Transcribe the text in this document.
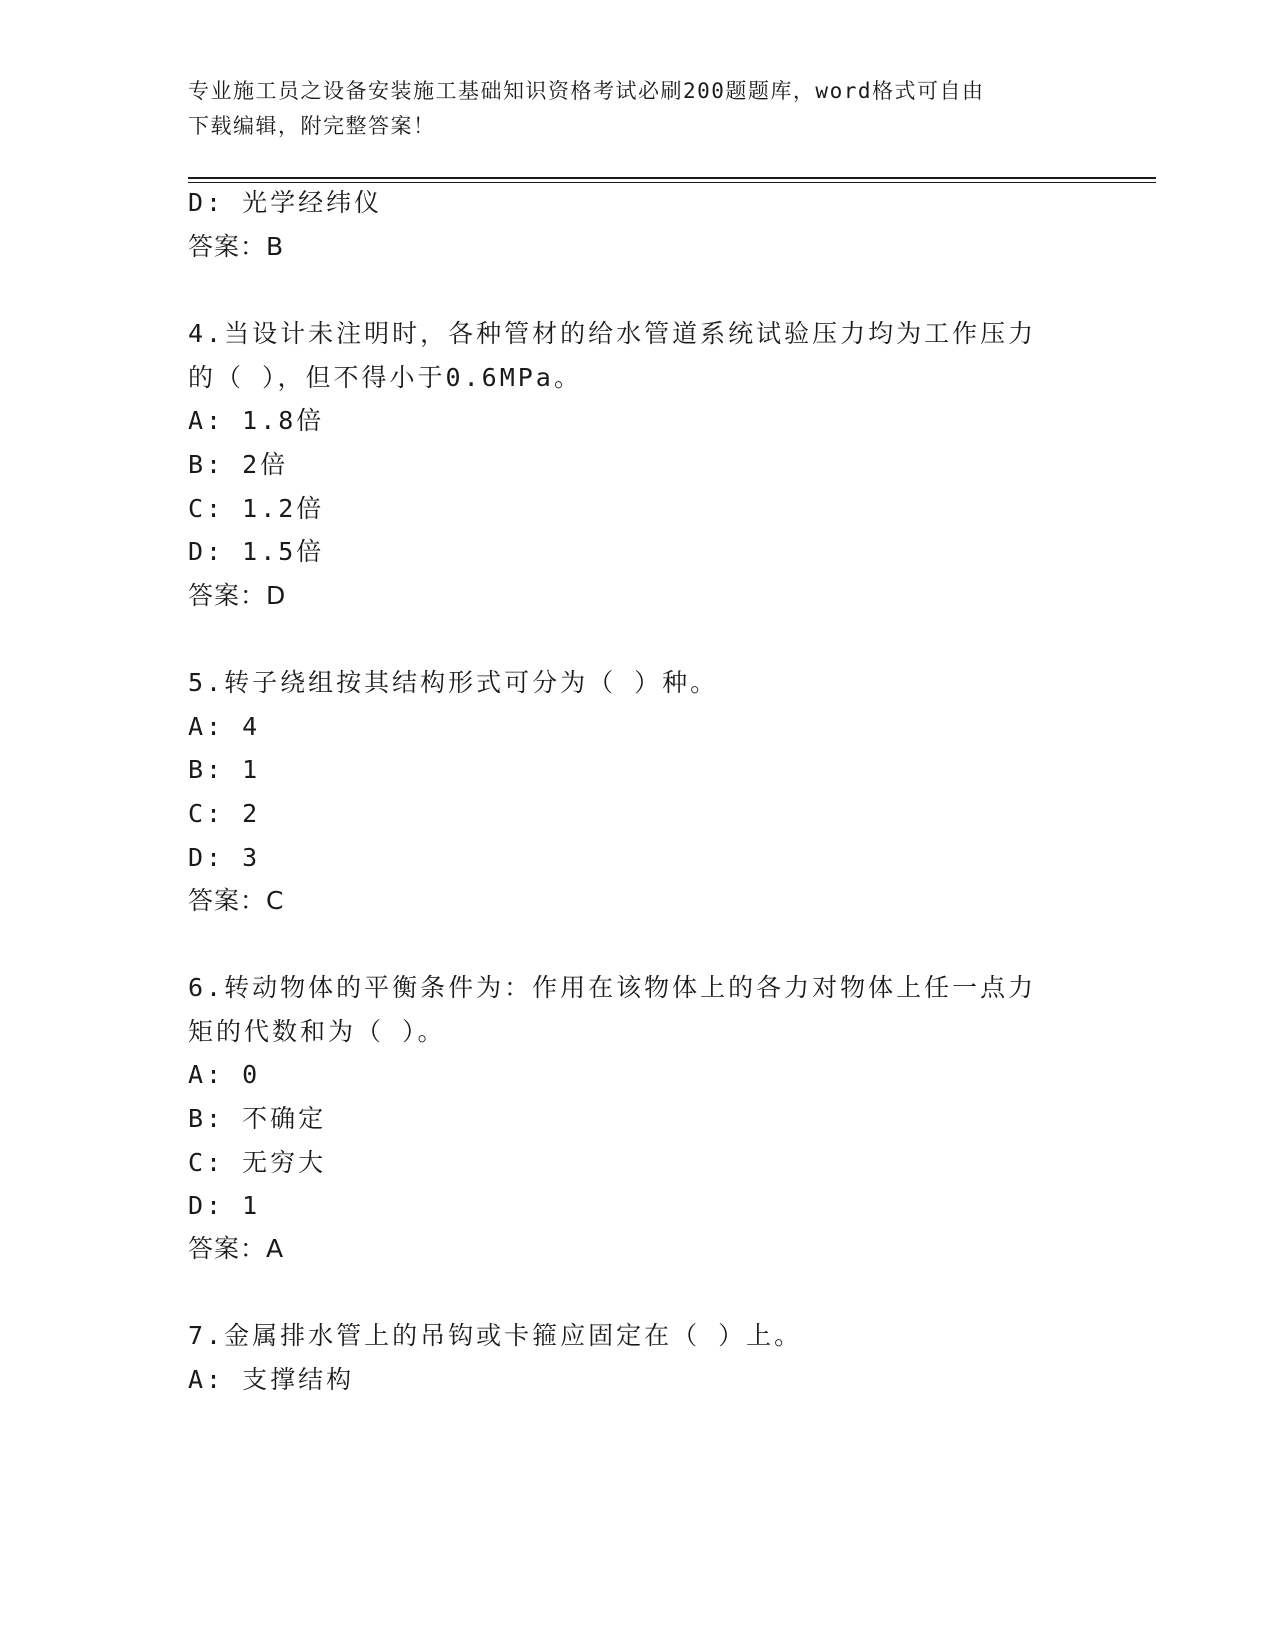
专业施工员之设备安装施工基础知识资格考试必刷200题题库，word格式可自由
下载编辑，附完整答案！
D: 光学经纬仪
答案：B
4.当设计未注明时，各种管材的给水管道系统试验压力均为工作压力
的（ ），但不得小于0.6MPa。
A: 1.8倍
B: 2倍
C: 1.2倍
D: 1.5倍
答案：D
5.转子绕组按其结构形式可分为（ ）种。
A: 4
B: 1
C: 2
D: 3
答案：C
6.转动物体的平衡条件为：作用在该物体上的各力对物体上任一点力
矩的代数和为（ ）。
A: 0
B: 不确定
C: 无穷大
D: 1
答案：A
7.金属排水管上的吊钩或卡箍应固定在（ ）上。
A: 支撑结构
